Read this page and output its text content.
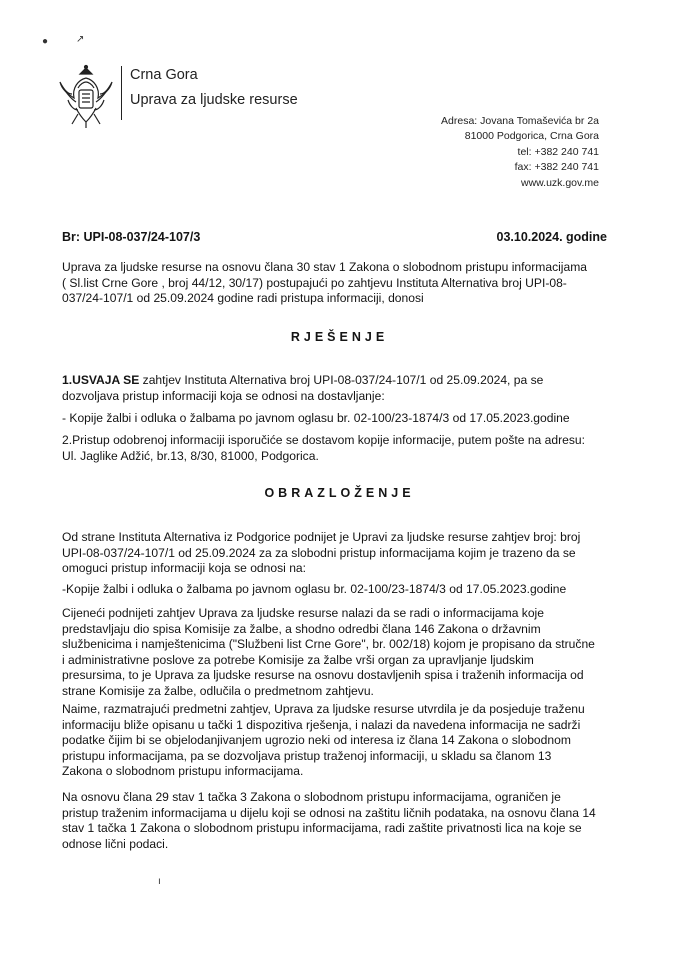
●	↗
Crna Gora
Uprava za ljudske resurse
Adresa: Jovana Tomaševića br 2a
81000 Podgorica, Crna Gora
tel: +382 240 741
fax: +382 240 741
www.uzk.gov.me
Br: UPI-08-037/24-107/3	03.10.2024. godine
Uprava za ljudske resurse na osnovu člana 30 stav 1 Zakona o slobodnom pristupu informacijama
( Sl.list Crne Gore , broj 44/12, 30/17) postupajući po zahtjevu Instituta Alternativa broj UPI-08-
037/24-107/1 od 25.09.2024 godine radi pristupa informaciji, donosi
RJEŠENJE
1.USVAJA SE zahtjev Instituta Alternativa broj UPI-08-037/24-107/1 od 25.09.2024, pa se
dozvoljava pristup informaciji koja se odnosi na dostavljanje:
- Kopije žalbi i odluka o žalbama po javnom oglasu br. 02-100/23-1874/3 od 17.05.2023.godine
2.Pristup odobrenoj informaciji isporučiće se dostavom kopije informacije, putem pošte na adresu:
Ul. Jaglike Adžić, br.13, 8/30, 81000, Podgorica.
OBRAZLOŽENJE
Od strane Instituta Alternativa iz Podgorice podnijet je Upravi za ljudske resurse zahtjev broj: broj
UPI-08-037/24-107/1 od 25.09.2024 za za slobodni pristup informacijama kojim je trazeno da se
omoguci pristup informaciji koja se odnosi na:
-Kopije žalbi i odluka o žalbama po javnom oglasu br. 02-100/23-1874/3 od 17.05.2023.godine
Cijeneći podnijeti zahtjev Uprava za ljudske resurse nalazi da se radi o informacijama koje
predstavljaju dio spisa Komisije za žalbe, a shodno odredbi člana 146 Zakona o državnim
službenicima i namještenicima ("Službeni list Crne Gore", br. 002/18) kojom je propisano da stručne
i administrativne poslove za potrebe Komisije za žalbe vrši organ za upravljanje ljudskim
presursima, to je Uprava za ljudske resurse na osnovu dostavljenih spisa i traženih informacija od
strane Komisije za žalbe, odlučila o predmetnom zahtjevu.
Naime, razmatrajući predmetni zahtjev, Uprava za ljudske resurse utvrdila je da posjeduje traženu
informaciju bliže opisanu u tački 1 dispozitiva rješenja, i nalazi da navedena informacija ne sadrži
podatke čijim bi se objelodanjivanjem ugrozio neki od interesa iz člana 14 Zakona o slobodnom
pristupu informacijama, pa se dozvoljava pristup traženoj informaciji, u skladu sa članom 13
Zakona o slobodnom pristupu informacijama.
Na osnovu člana 29 stav 1 tačka 3 Zakona o slobodnom pristupu informacijama, ograničen je
pristup traženim informacijama u dijelu koji se odnosi na zaštitu ličnih podataka, na osnovu člana 14
stav 1 tačka 1 Zakona o slobodnom pristupu informacijama, radi zaštite privatnosti lica na koje se
odnose lični podaci.
ı
